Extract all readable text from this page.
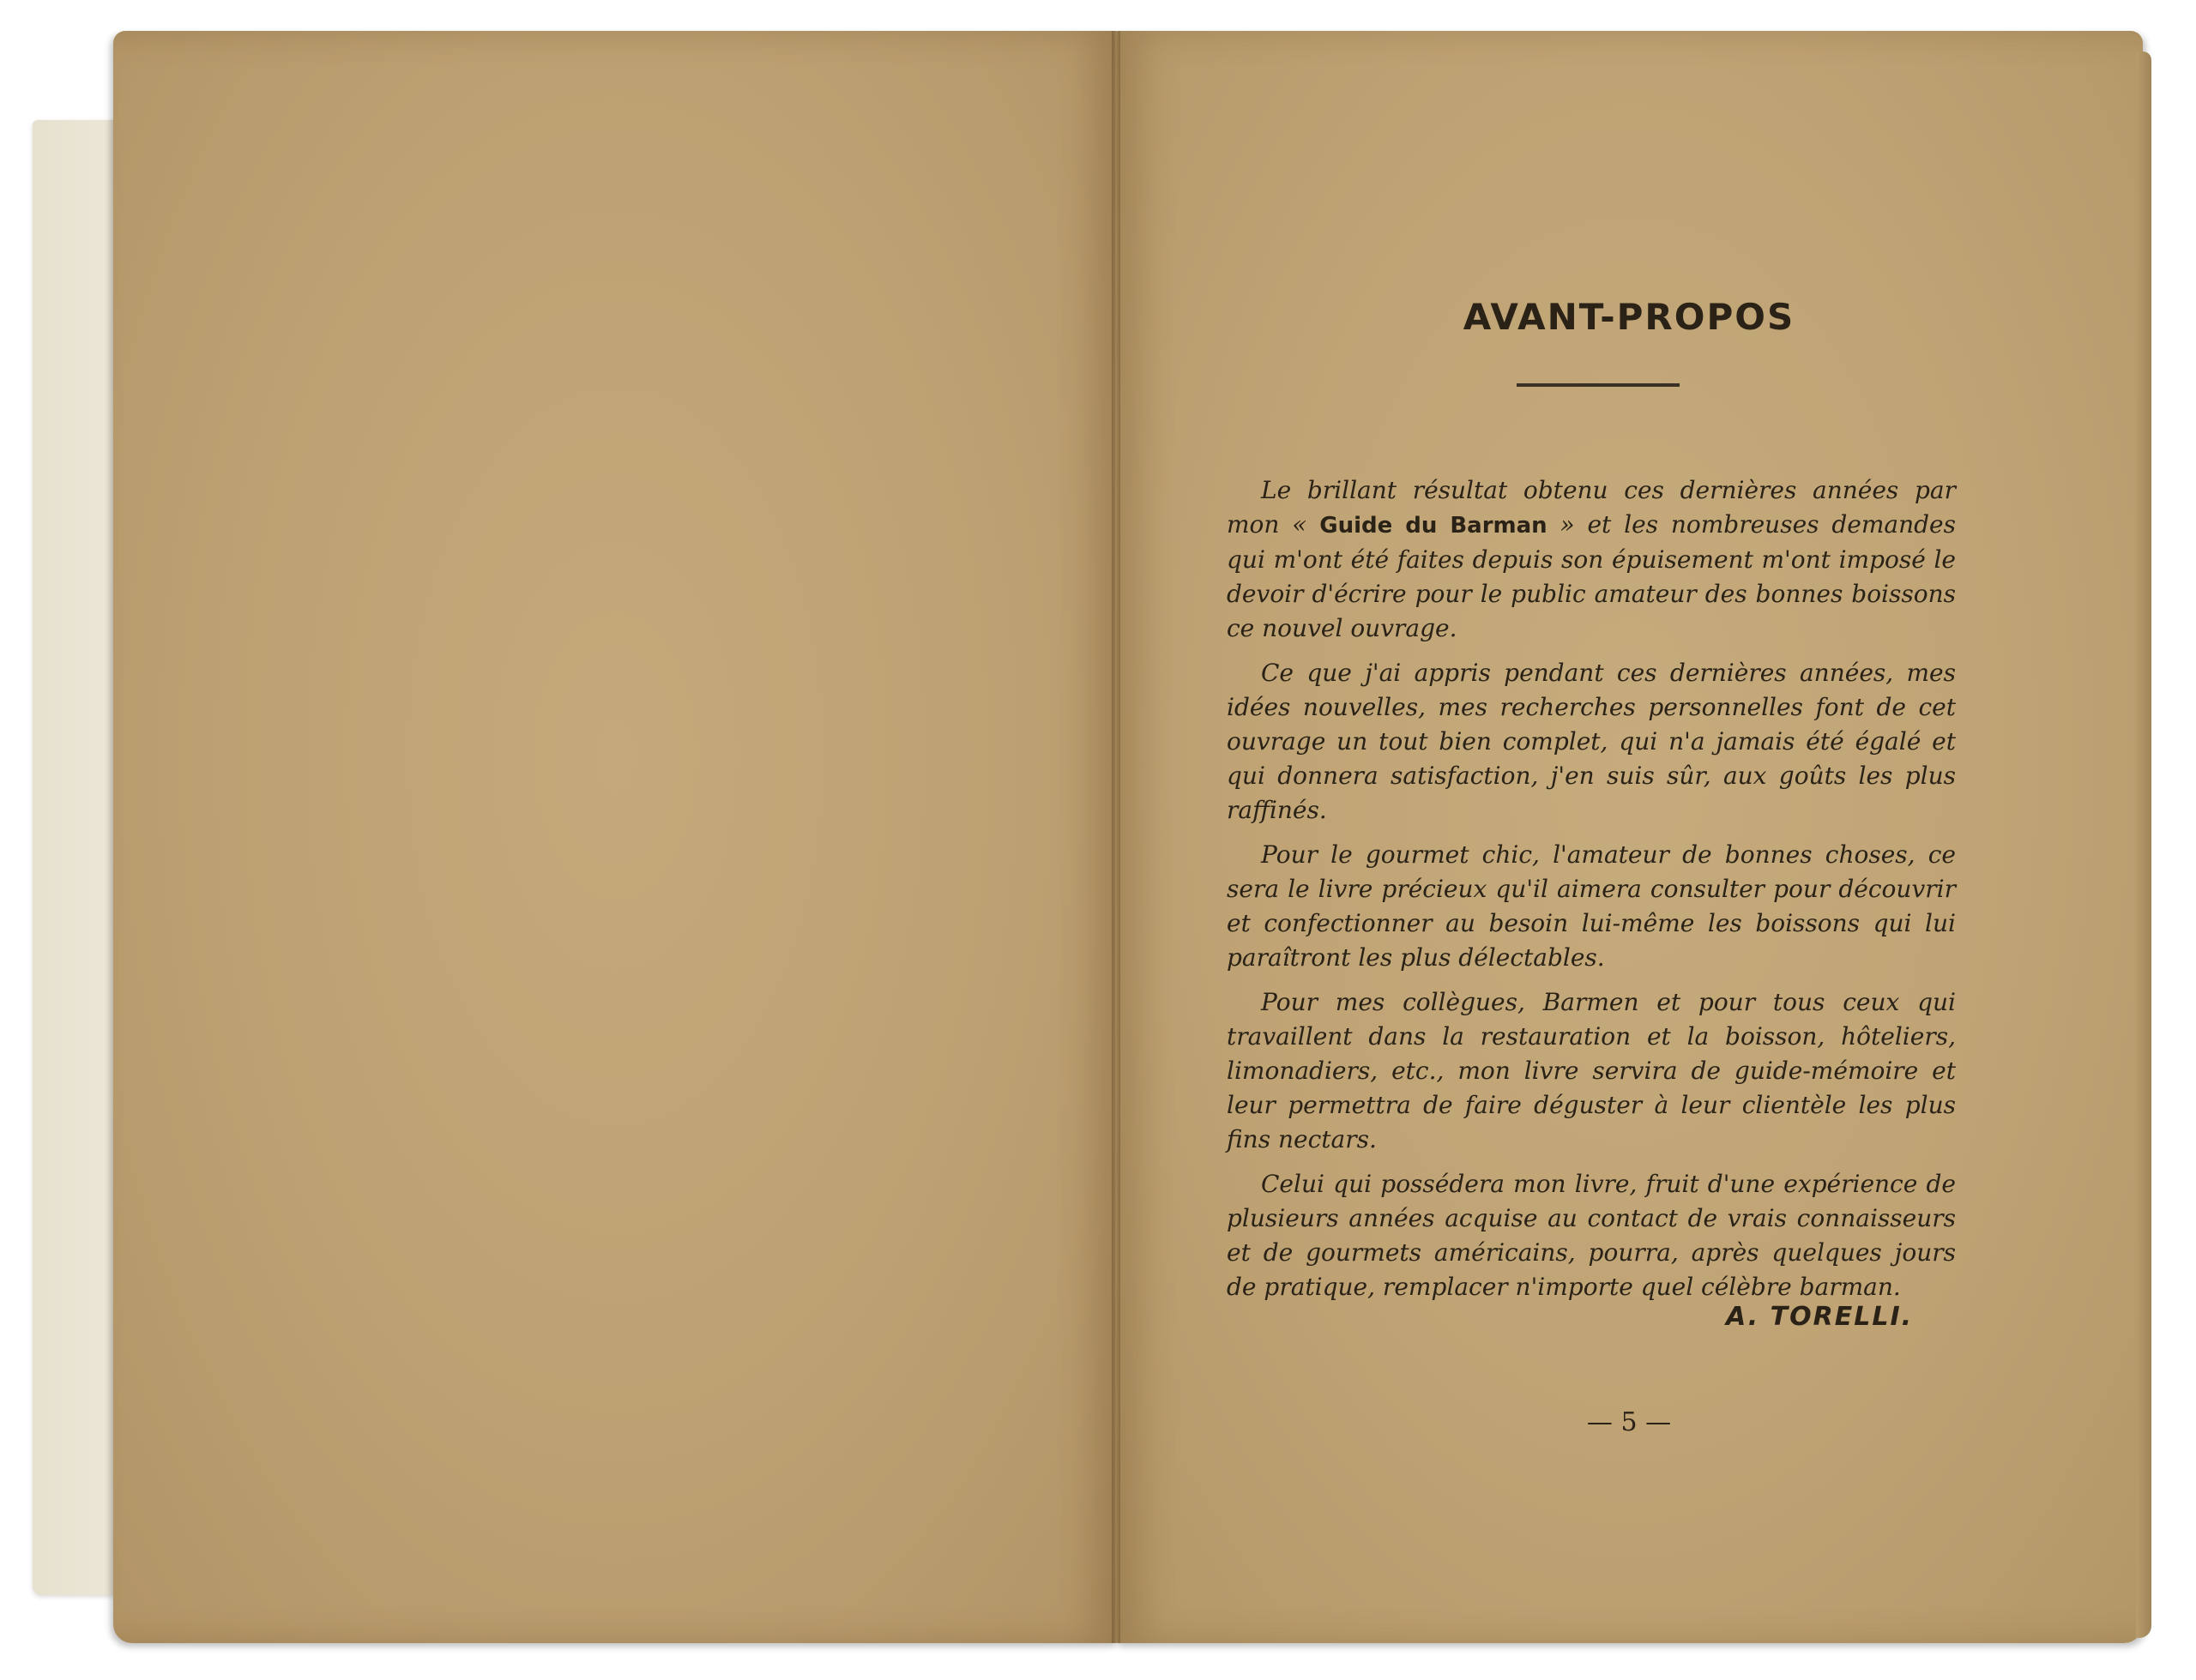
AVANT-PROPOS

Le brillant résultat obtenu ces dernières années par mon « Guide du Barman » et les nombreuses demandes qui m'ont été faites depuis son épuisement m'ont imposé le devoir d'écrire pour le public amateur des bonnes boissons ce nouvel ouvrage.

Ce que j'ai appris pendant ces dernières années, mes idées nouvelles, mes recherches personnelles font de cet ouvrage un tout bien complet, qui n'a jamais été égalé et qui donnera satisfaction, j'en suis sûr, aux goûts les plus raffinés.

Pour le gourmet chic, l'amateur de bonnes choses, ce sera le livre précieux qu'il aimera consulter pour découvrir et confectionner au besoin lui-même les boissons qui lui paraîtront les plus délectables.

Pour mes collègues, Barmen et pour tous ceux qui travaillent dans la restauration et la boisson, hôteliers, limonadiers, etc., mon livre servira de guide-mémoire et leur permettra de faire déguster à leur clientèle les plus fins nectars.

Celui qui possédera mon livre, fruit d'une expérience de plusieurs années acquise au contact de vrais connaisseurs et de gourmets américains, pourra, après quelques jours de pratique, remplacer n'importe quel célèbre barman.

A. TORELLI.
— 5 —
